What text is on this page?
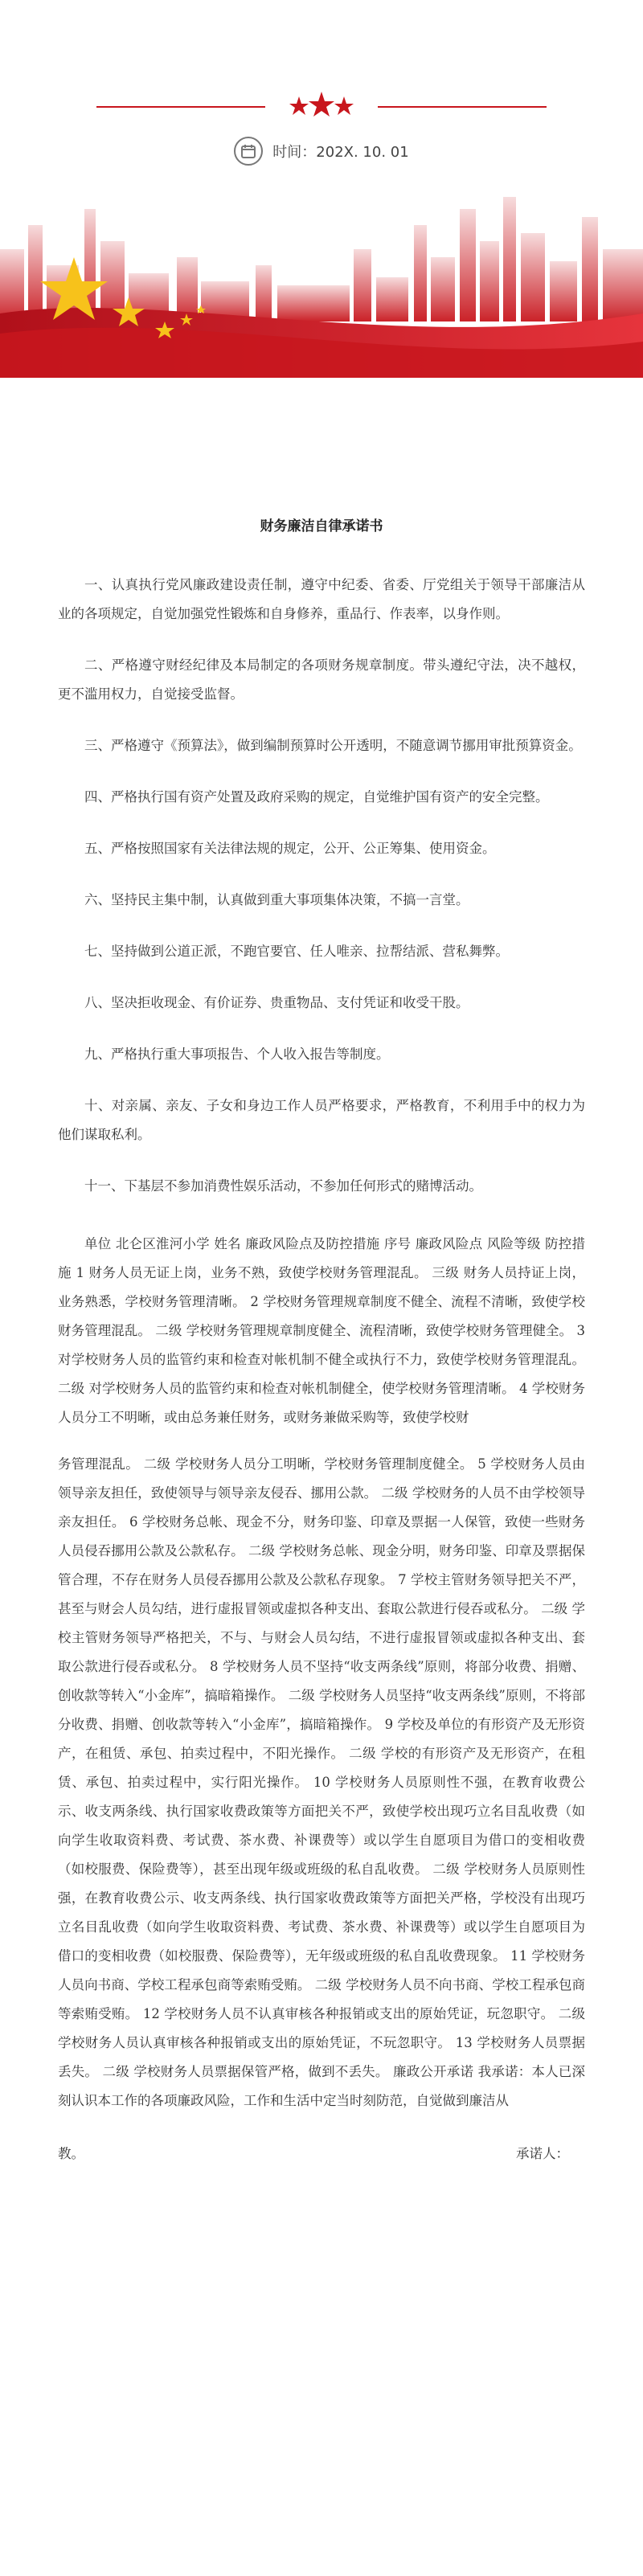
时间：202X. 10. 01
财务廉洁自律承诺书

一、认真执行党风廉政建设责任制，遵守中纪委、省委、厅党组关于领导干部廉洁从业的各项规定，自觉加强党性锻炼和自身修养，重品行、作表率，以身作则。

二、严格遵守财经纪律及本局制定的各项财务规章制度。带头遵纪守法，决不越权，更不滥用权力，自觉接受监督。

三、严格遵守《预算法》，做到编制预算时公开透明，不随意调节挪用审批预算资金。

四、严格执行国有资产处置及政府采购的规定，自觉维护国有资产的安全完整。

五、严格按照国家有关法律法规的规定，公开、公正筹集、使用资金。

六、坚持民主集中制，认真做到重大事项集体决策，不搞一言堂。

七、坚持做到公道正派，不跑官要官、任人唯亲、拉帮结派、营私舞弊。

八、坚决拒收现金、有价证券、贵重物品、支付凭证和收受干股。

九、严格执行重大事项报告、个人收入报告等制度。

十、对亲属、亲友、子女和身边工作人员严格要求，严格教育，不利用手中的权力为他们谋取私利。

十一、下基层不参加消费性娱乐活动，不参加任何形式的赌博活动。

单位 北仑区淮河小学 姓名 廉政风险点及防控措施 序号 廉政风险点 风险等级 防控措施 1 财务人员无证上岗，业务不熟，致使学校财务管理混乱。 三级 财务人员持证上岗，业务熟悉，学校财务管理清晰。 2 学校财务管理规章制度不健全、流程不清晰，致使学校财务管理混乱。 二级 学校财务管理规章制度健全、流程清晰，致使学校财务管理健全。 3 对学校财务人员的监管约束和检查对帐机制不健全或执行不力，致使学校财务管理混乱。 二级 对学校财务人员的监管约束和检查对帐机制健全，使学校财务管理清晰。 4 学校财务人员分工不明晰，或由总务兼任财务，或财务兼做采购等，致使学校财

务管理混乱。 二级 学校财务人员分工明晰，学校财务管理制度健全。 5 学校财务人员由领导亲友担任，致使领导与领导亲友侵吞、挪用公款。 二级 学校财务的人员不由学校领导亲友担任。 6 学校财务总帐、现金不分，财务印鉴、印章及票据一人保管，致使一些财务人员侵吞挪用公款及公款私存。 二级 学校财务总帐、现金分明，财务印鉴、印章及票据保管合理，不存在财务人员侵吞挪用公款及公款私存现象。 7 学校主管财务领导把关不严，甚至与财会人员勾结，进行虚报冒领或虚拟各种支出、套取公款进行侵吞或私分。 二级 学校主管财务领导严格把关，不与、与财会人员勾结，不进行虚报冒领或虚拟各种支出、套取公款进行侵吞或私分。 8 学校财务人员不坚持“收支两条线”原则，将部分收费、捐赠、创收款等转入“小金库”，搞暗箱操作。 二级 学校财务人员坚持“收支两条线”原则，不将部分收费、捐赠、创收款等转入“小金库”，搞暗箱操作。 9 学校及单位的有形资产及无形资产，在租赁、承包、拍卖过程中，不阳光操作。 二级 学校的有形资产及无形资产，在租赁、承包、拍卖过程中，实行阳光操作。 10 学校财务人员原则性不强，在教育收费公示、收支两条线、执行国家收费政策等方面把关不严，致使学校出现巧立名目乱收费（如向学生收取资料费、考试费、茶水费、补课费等）或以学生自愿项目为借口的变相收费（如校服费、保险费等），甚至出现年级或班级的私自乱收费。 二级 学校财务人员原则性强，在教育收费公示、收支两条线、执行国家收费政策等方面把关严格，学校没有出现巧立名目乱收费（如向学生收取资料费、考试费、茶水费、补课费等）或以学生自愿项目为借口的变相收费（如校服费、保险费等），无年级或班级的私自乱收费现象。 11 学校财务人员向书商、学校工程承包商等索贿受贿。 二级 学校财务人员不向书商、学校工程承包商等索贿受贿。 12 学校财务人员不认真审核各种报销或支出的原始凭证，玩忽职守。 二级 学校财务人员认真审核各种报销或支出的原始凭证，不玩忽职守。 13 学校财务人员票据丢失。 二级 学校财务人员票据保管严格，做到不丢失。 廉政公开承诺 我承诺：本人已深刻认识本工作的各项廉政风险，工作和生活中定当时刻防范，自觉做到廉洁从

教。	承诺人：
